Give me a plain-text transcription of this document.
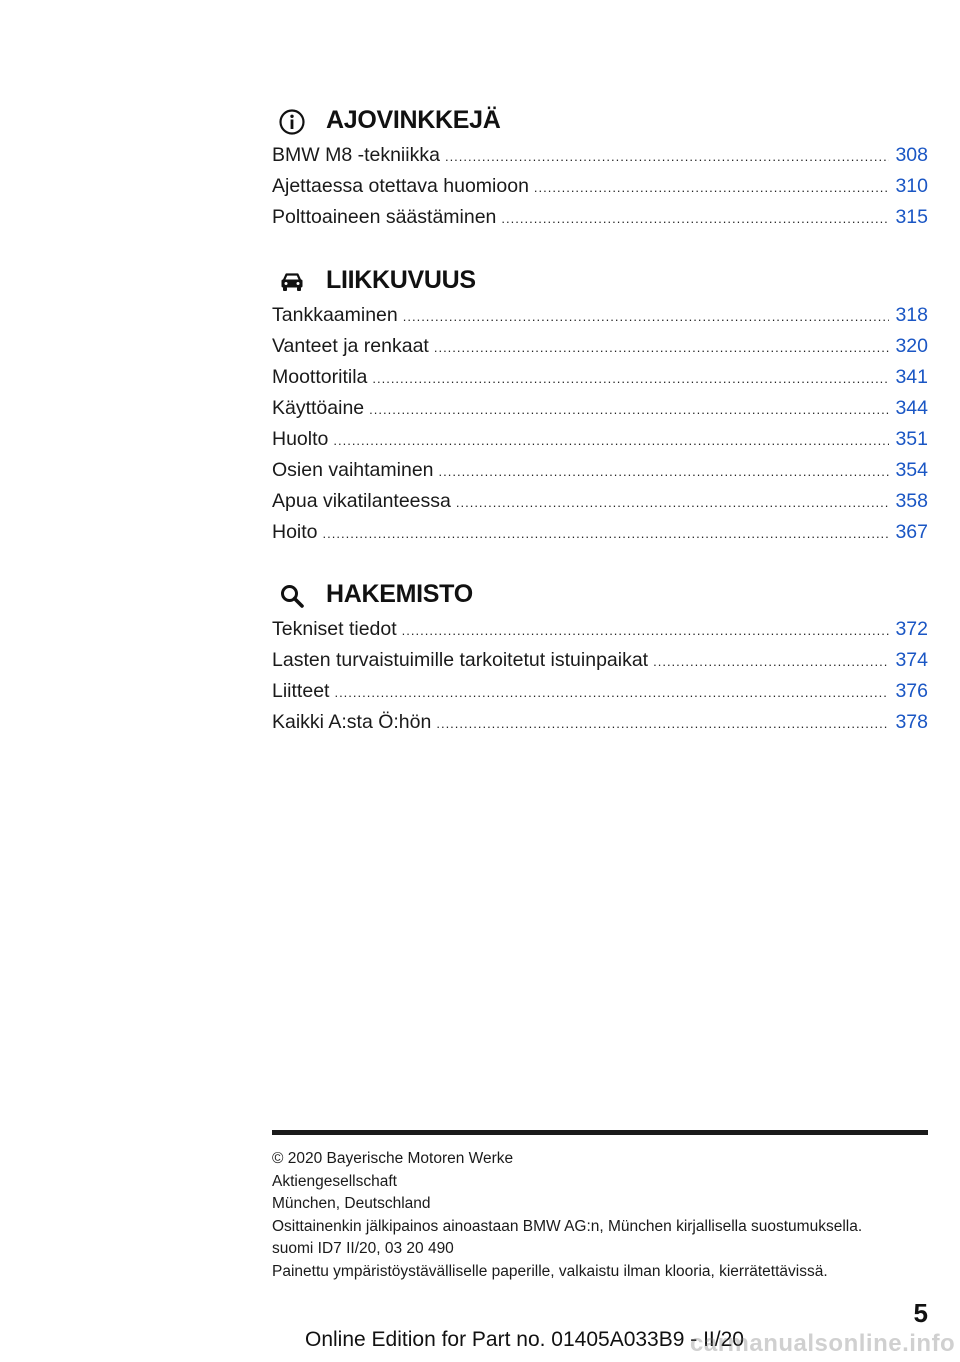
AJOVINKKEJÄ
BMW M8 -tekniikka .....	308
Ajettaessa otettava huomioon .....	310
Polttoaineen säästäminen .....	315
LIIKKUVUUS
Tankkaaminen .....	318
Vanteet ja renkaat .....	320
Moottoritila .....	341
Käyttöaine .....	344
Huolto .....	351
Osien vaihtaminen .....	354
Apua vikatilanteessa .....	358
Hoito .....	367
HAKEMISTO
Tekniset tiedot .....	372
Lasten turvaistuimille tarkoitetut istuinpaikat .....	374
Liitteet .....	376
Kaikki A:sta Ö:hön .....	378
© 2020 Bayerische Motoren Werke
Aktiengesellschaft
München, Deutschland
Osittainenkin jälkipainos ainoastaan BMW AG:n, München kirjallisella suostumuksella.
suomi ID7 II/20, 03 20 490
Painettu ympäristöystävälliselle paperille, valkaistu ilman klooria, kierrätettävissä.
5
Online Edition for Part no. 01405A033B9 - II/20
carmanualsonline.info
